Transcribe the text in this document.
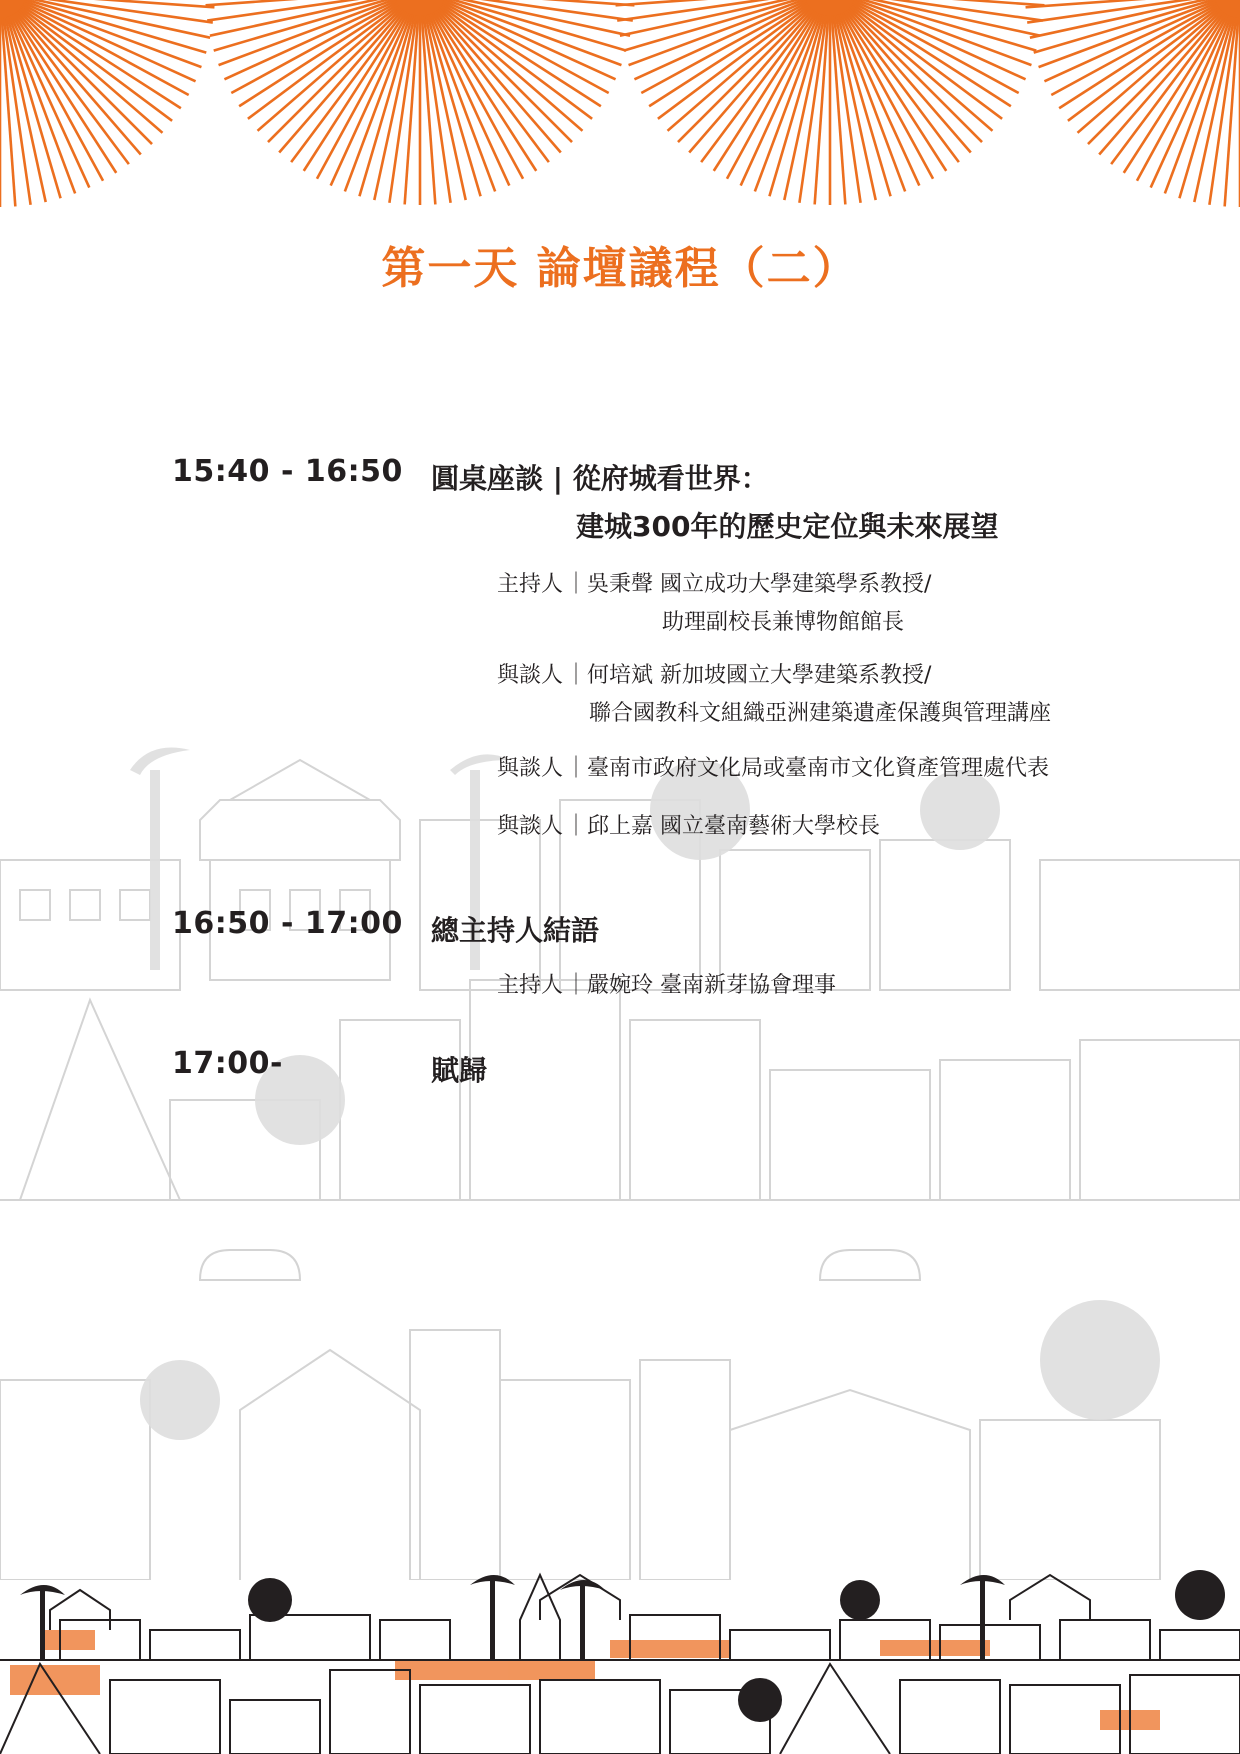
第一天 論壇議程（二）
15:40 - 16:50 圓桌座談 | 從府城看世界：
建城300年的歷史定位與未來展望
主持人｜吳秉聲 國立成功大學建築學系教授/
助理副校長兼博物館館長
與談人｜何培斌 新加坡國立大學建築系教授/
聯合國教科文組織亞洲建築遺產保護與管理講座
與談人｜臺南市政府文化局或臺南市文化資產管理處代表
與談人｜邱上嘉 國立臺南藝術大學校長
16:50 - 17:00 總主持人結語
主持人｜嚴婉玲 臺南新芽協會理事
17:00-	賦歸
